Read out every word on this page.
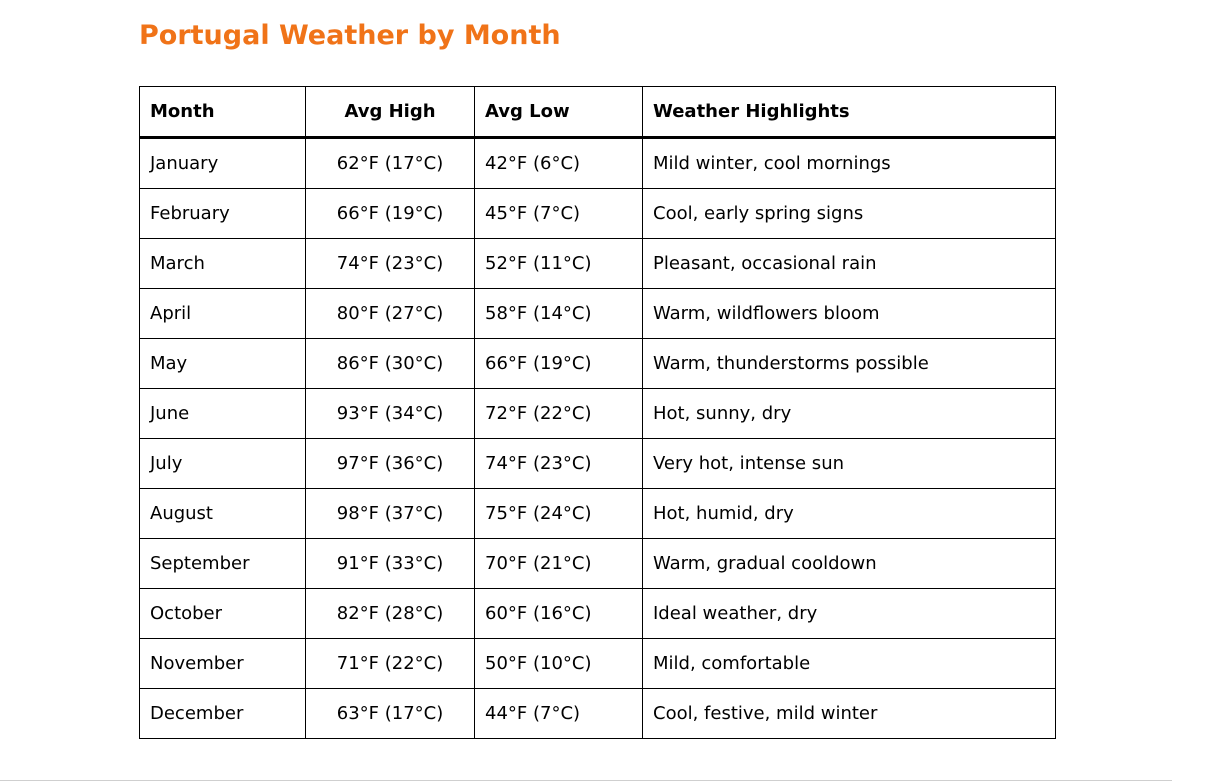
Portugal Weather by Month
Month	Avg High	Avg Low	Weather Highlights
January	62°F (17°C)	42°F (6°C)	Mild winter, cool mornings
February	66°F (19°C)	45°F (7°C)	Cool, early spring signs
March	74°F (23°C)	52°F (11°C)	Pleasant, occasional rain
April	80°F (27°C)	58°F (14°C)	Warm, wildflowers bloom
May	86°F (30°C)	66°F (19°C)	Warm, thunderstorms possible
June	93°F (34°C)	72°F (22°C)	Hot, sunny, dry
July	97°F (36°C)	74°F (23°C)	Very hot, intense sun
August	98°F (37°C)	75°F (24°C)	Hot, humid, dry
September	91°F (33°C)	70°F (21°C)	Warm, gradual cooldown
October	82°F (28°C)	60°F (16°C)	Ideal weather, dry
November	71°F (22°C)	50°F (10°C)	Mild, comfortable
December	63°F (17°C)	44°F (7°C)	Cool, festive, mild winter
